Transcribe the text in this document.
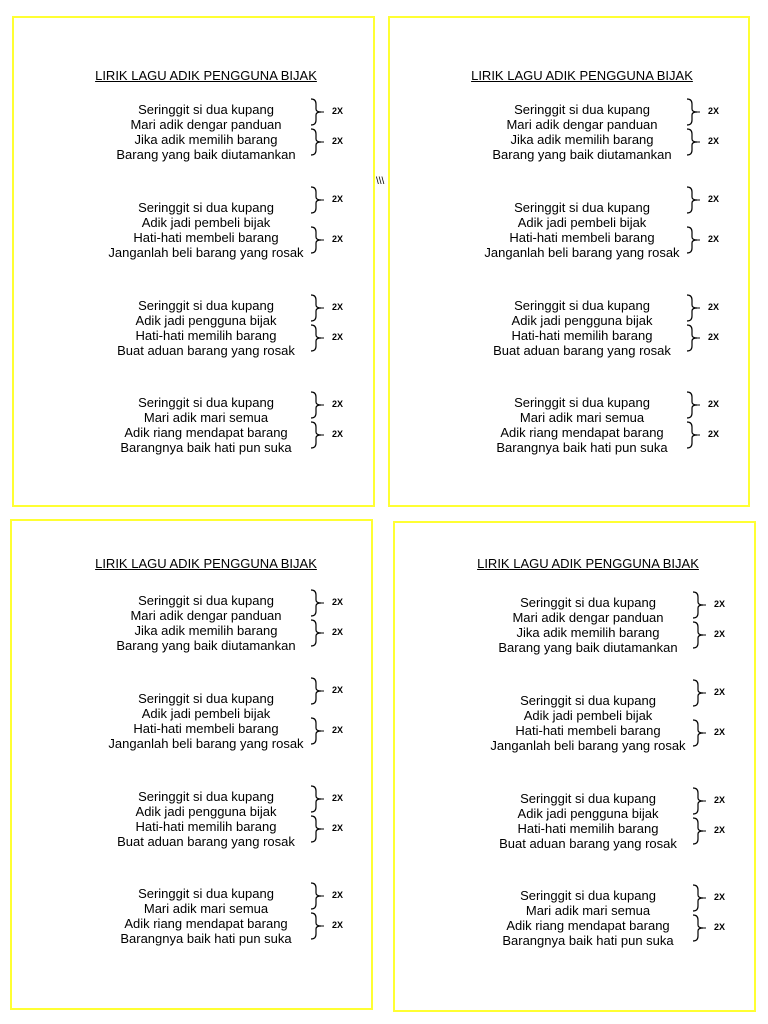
LIRIK LAGU ADIK PENGGUNA BIJAK
Seringgit si dua kupang
Mari adik dengar panduan
Jika adik memilih barang
Barang yang baik diutamankan
2X
2X
Seringgit si dua kupang
Adik jadi pembeli bijak
Hati-hati membeli barang
Janganlah beli barang yang rosak
2X
2X
Seringgit si dua kupang
Adik jadi pengguna bijak
Hati-hati memilih barang
Buat aduan barang yang rosak
2X
2X
Seringgit si dua kupang
Mari adik mari semua
Adik riang mendapat barang
Barangnya baik hati pun suka
2X
2X
LIRIK LAGU ADIK PENGGUNA BIJAK
Seringgit si dua kupang
Mari adik dengar panduan
Jika adik memilih barang
Barang yang baik diutamankan
2X
2X
Seringgit si dua kupang
Adik jadi pembeli bijak
Hati-hati membeli barang
Janganlah beli barang yang rosak
2X
2X
Seringgit si dua kupang
Adik jadi pengguna bijak
Hati-hati memilih barang
Buat aduan barang yang rosak
2X
2X
Seringgit si dua kupang
Mari adik mari semua
Adik riang mendapat barang
Barangnya baik hati pun suka
2X
2X
LIRIK LAGU ADIK PENGGUNA BIJAK
Seringgit si dua kupang
Mari adik dengar panduan
Jika adik memilih barang
Barang yang baik diutamankan
2X
2X
Seringgit si dua kupang
Adik jadi pembeli bijak
Hati-hati membeli barang
Janganlah beli barang yang rosak
2X
2X
Seringgit si dua kupang
Adik jadi pengguna bijak
Hati-hati memilih barang
Buat aduan barang yang rosak
2X
2X
Seringgit si dua kupang
Mari adik mari semua
Adik riang mendapat barang
Barangnya baik hati pun suka
2X
2X
LIRIK LAGU ADIK PENGGUNA BIJAK
Seringgit si dua kupang
Mari adik dengar panduan
Jika adik memilih barang
Barang yang baik diutamankan
2X
2X
Seringgit si dua kupang
Adik jadi pembeli bijak
Hati-hati membeli barang
Janganlah beli barang yang rosak
2X
2X
Seringgit si dua kupang
Adik jadi pengguna bijak
Hati-hati memilih barang
Buat aduan barang yang rosak
2X
2X
Seringgit si dua kupang
Mari adik mari semua
Adik riang mendapat barang
Barangnya baik hati pun suka
2X
2X
\\\
